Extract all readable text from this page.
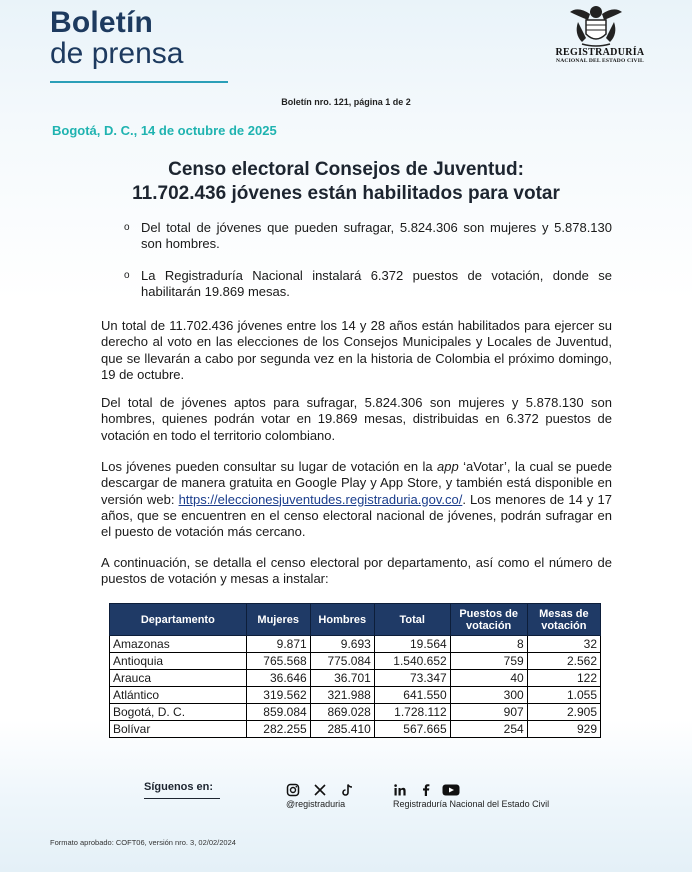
Boletín
de prensa	REGISTRADURÍA
NACIONAL DEL ESTADO CIVIL
Boletín nro. 121, página 1 de 2
Bogotá, D. C., 14 de octubre de 2025
Censo electoral Consejos de Juventud:
11.702.436 jóvenes están habilitados para votar
o Del total de jóvenes que pueden sufragar, 5.824.306 son mujeres y 5.878.130 son hombres.
o La Registraduría Nacional instalará 6.372 puestos de votación, donde se habilitarán 19.869 mesas.
Un total de 11.702.436 jóvenes entre los 14 y 28 años están habilitados para ejercer su derecho al voto en las elecciones de los Consejos Municipales y Locales de Juventud, que se llevarán a cabo por segunda vez en la historia de Colombia el próximo domingo, 19 de octubre.
Del total de jóvenes aptos para sufragar, 5.824.306 son mujeres y 5.878.130 son hombres, quienes podrán votar en 19.869 mesas, distribuidas en 6.372 puestos de votación en todo el territorio colombiano.
Los jóvenes pueden consultar su lugar de votación en la app ‘aVotar’, la cual se puede descargar de manera gratuita en Google Play y App Store, y también está disponible en versión web: https://eleccionesjuventudes.registraduria.gov.co/. Los menores de 14 y 17 años, que se encuentren en el censo electoral nacional de jóvenes, podrán sufragar en el puesto de votación más cercano.
A continuación, se detalla el censo electoral por departamento, así como el número de puestos de votación y mesas a instalar:
Departamento	Mujeres	Hombres	Total	Puestos de votación	Mesas de votación
Amazonas	9.871	9.693	19.564	8	32
Antioquia	765.568	775.084	1.540.652	759	2.562
Arauca	36.646	36.701	73.347	40	122
Atlántico	319.562	321.988	641.550	300	1.055
Bogotá, D. C.	859.084	869.028	1.728.112	907	2.905
Bolívar	282.255	285.410	567.665	254	929
Síguenos en:
@registraduria	Registraduría Nacional del Estado Civil
Formato aprobado: COFT06, versión nro. 3, 02/02/2024
